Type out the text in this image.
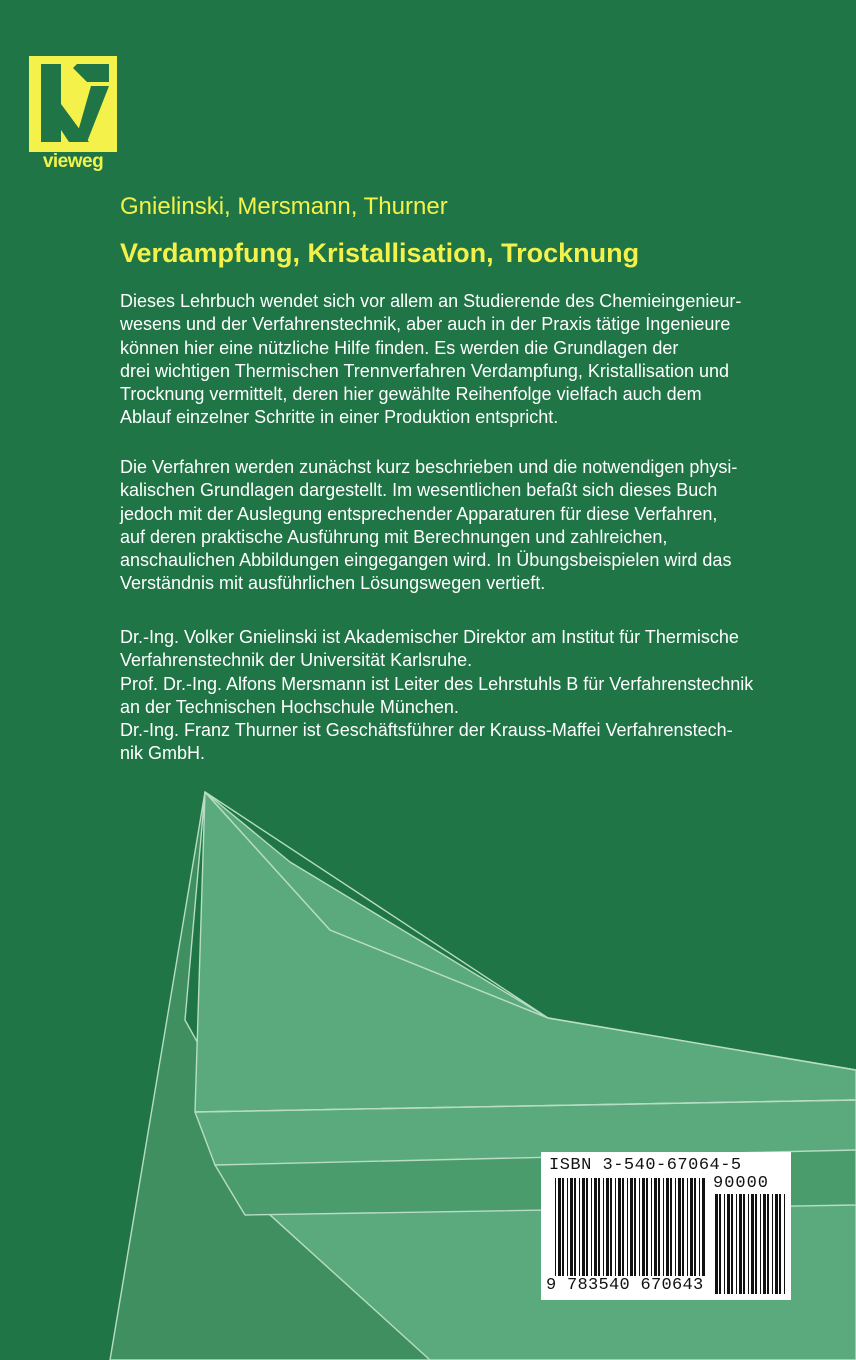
vieweg
Gnielinski, Mersmann, Thurner
Verdampfung, Kristallisation, Trocknung
Dieses Lehrbuch wendet sich vor allem an Studierende des Chemieingenieur-
wesens und der Verfahrenstechnik, aber auch in der Praxis tätige Ingenieure
können hier eine nützliche Hilfe finden. Es werden die Grundlagen der
drei wichtigen Thermischen Trennverfahren Verdampfung, Kristallisation und
Trocknung vermittelt, deren hier gewählte Reihenfolge vielfach auch dem
Ablauf einzelner Schritte in einer Produktion entspricht.
Die Verfahren werden zunächst kurz beschrieben und die notwendigen physi-
kalischen Grundlagen dargestellt. Im wesentlichen befaßt sich dieses Buch
jedoch mit der Auslegung entsprechender Apparaturen für diese Verfahren,
auf deren praktische Ausführung mit Berechnungen und zahlreichen,
anschaulichen Abbildungen eingegangen wird. In Übungsbeispielen wird das
Verständnis mit ausführlichen Lösungswegen vertieft.
Dr.-Ing. Volker Gnielinski ist Akademischer Direktor am Institut für Thermische
Verfahrenstechnik der Universität Karlsruhe.
Prof. Dr.-Ing. Alfons Mersmann ist Leiter des Lehrstuhls B für Verfahrenstechnik
an der Technischen Hochschule München.
Dr.-Ing. Franz Thurner ist Geschäftsführer der Krauss-Maffei Verfahrenstech-
nik GmbH.
ISBN 3-540-67064-5
90000
9 783540 670643
